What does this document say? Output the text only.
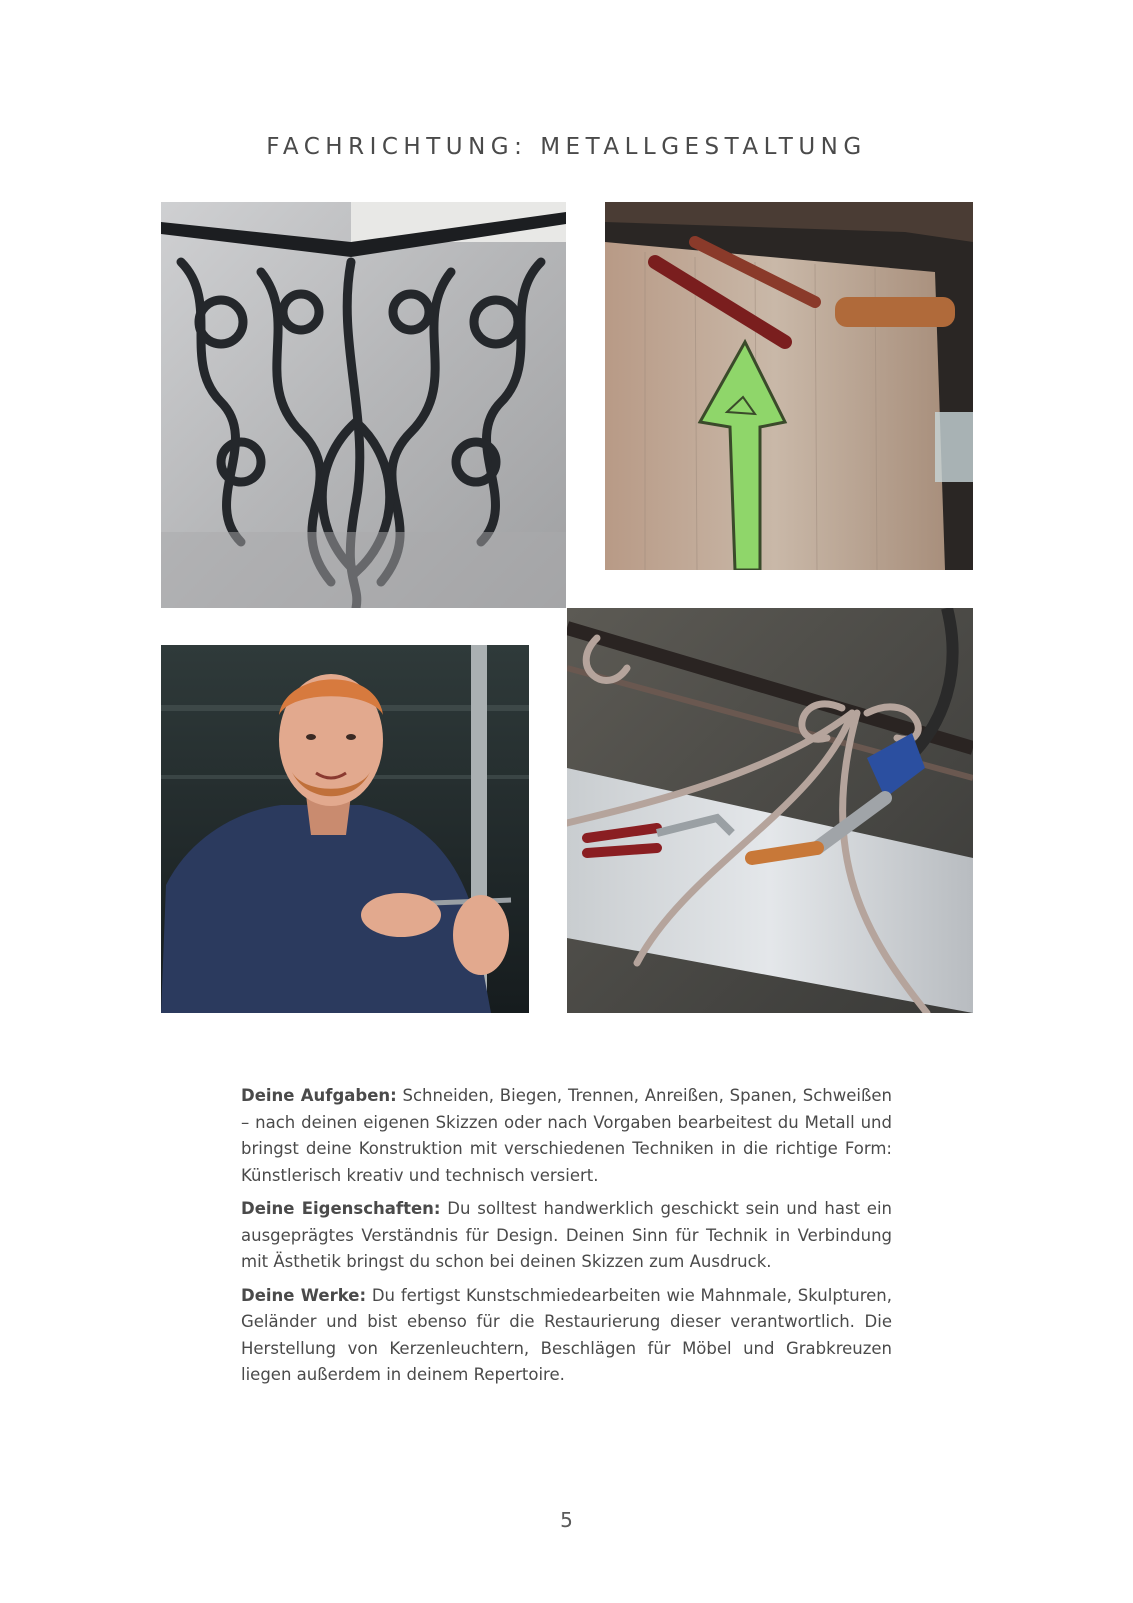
FACHRICHTUNG: METALLGESTALTUNG

Deine Aufgaben: Schneiden, Biegen, Trennen, Anreißen, Spanen, Schweißen – nach deinen eigenen Skizzen oder nach Vorgaben bearbeitest du Metall und bringst deine Konstruktion mit verschiedenen Techniken in die richtige Form: Künstlerisch kreativ und technisch versiert.

Deine Eigenschaften: Du solltest handwerklich geschickt sein und hast ein ausgeprägtes Verständnis für Design. Deinen Sinn für Technik in Verbindung mit Ästhetik bringst du schon bei deinen Skizzen zum Ausdruck.

Deine Werke: Du fertigst Kunstschmiedearbeiten wie Mahnmale, Skulpturen, Geländer und bist ebenso für die Restaurierung dieser verantwortlich. Die Herstellung von Kerzenleuchtern, Beschlägen für Möbel und Grabkreuzen liegen außerdem in deinem Repertoire.

5
